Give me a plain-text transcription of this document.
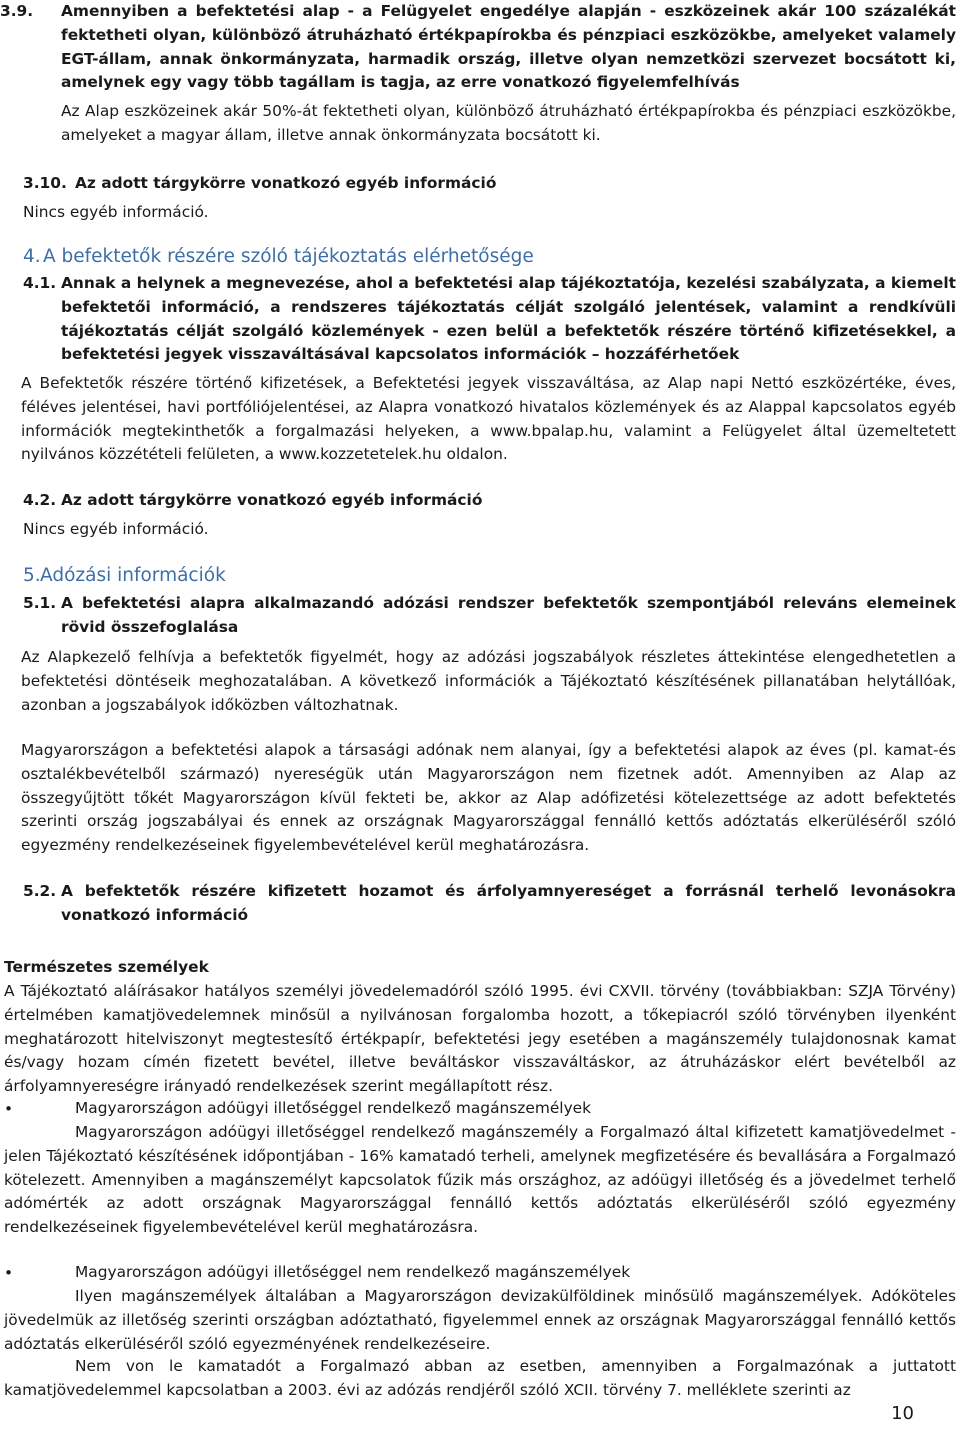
3.9. Amennyiben a befektetési alap - a Felügyelet engedélye alapján - eszközeinek akár 100 százalékát fektetheti olyan, különböző átruházható értékpapírokba és pénzpiaci eszközökbe, amelyeket valamely EGT-állam, annak önkormányzata, harmadik ország, illetve olyan nemzetközi szervezet bocsátott ki, amelynek egy vagy több tagállam is tagja, az erre vonatkozó figyelemfelhívás
Az Alap eszközeinek akár 50%-át fektetheti olyan, különböző átruházható értékpapírokba és pénzpiaci eszközökbe, amelyeket a magyar állam, illetve annak önkormányzata bocsátott ki.
3.10. Az adott tárgykörre vonatkozó egyéb információ
Nincs egyéb információ.
4. A befektetők részére szóló tájékoztatás elérhetősége
4.1. Annak a helynek a megnevezése, ahol a befektetési alap tájékoztatója, kezelési szabályzata, a kiemelt befektetői információ, a rendszeres tájékoztatás célját szolgáló jelentések, valamint a rendkívüli tájékoztatás célját szolgáló közlemények - ezen belül a befektetők részére történő kifizetésekkel, a befektetési jegyek visszaváltásával kapcsolatos információk – hozzáférhetőek
A Befektetők részére történő kifizetések, a Befektetési jegyek visszaváltása, az Alap napi Nettó eszközértéke, éves, féléves jelentései, havi portfóliójelentései, az Alapra vonatkozó hivatalos közlemények és az Alappal kapcsolatos egyéb információk megtekinthetők a forgalmazási helyeken, a www.bpalap.hu, valamint a Felügyelet által üzemeltetett nyilvános közzétételi felületen, a www.kozzetetelek.hu oldalon.
4.2. Az adott tárgykörre vonatkozó egyéb információ
Nincs egyéb információ.
5. Adózási információk
5.1. A befektetési alapra alkalmazandó adózási rendszer befektetők szempontjából releváns elemeinek rövid összefoglalása
Az Alapkezelő felhívja a befektetők figyelmét, hogy az adózási jogszabályok részletes áttekintése elengedhetetlen a befektetési döntéseik meghozatalában. A következő információk a Tájékoztató készítésének pillanatában helytállóak, azonban a jogszabályok időközben változhatnak.
Magyarországon a befektetési alapok a társasági adónak nem alanyai, így a befektetési alapok az éves (pl. kamat-és osztalékbevételből származó) nyereségük után Magyarországon nem fizetnek adót. Amennyiben az Alap az összegyűjtött tőkét Magyarországon kívül fekteti be, akkor az Alap adófizetési kötelezettsége az adott befektetés szerinti ország jogszabályai és ennek az országnak Magyarországgal fennálló kettős adóztatás elkerüléséről szóló egyezmény rendelkezéseinek figyelembevételével kerül meghatározásra.
5.2. A befektetők részére kifizetett hozamot és árfolyamnyereséget a forrásnál terhelő levonásokra vonatkozó információ
Természetes személyek
A Tájékoztató aláírásakor hatályos személyi jövedelemadóról szóló 1995. évi CXVII. törvény (továbbiakban: SZJA Törvény) értelmében kamatjövedelemnek minősül a nyilvánosan forgalomba hozott, a tőkepiacról szóló törvényben ilyenként meghatározott hitelviszonyt megtestesítő értékpapír, befektetési jegy esetében a magánszemély tulajdonosnak kamat és/vagy hozam címén fizetett bevétel, illetve beváltáskor visszaváltáskor, az átruházáskor elért bevételből az árfolyamnyereségre irányadó rendelkezések szerint megállapított rész.
•	Magyarországon adóügyi illetőséggel rendelkező magánszemélyek
Magyarországon adóügyi illetőséggel rendelkező magánszemély a Forgalmazó által kifizetett kamatjövedelmet - jelen Tájékoztató készítésének időpontjában - 16% kamatadó terheli, amelynek megfizetésére és bevallására a Forgalmazó kötelezett. Amennyiben a magánszemélyt kapcsolatok fűzik más országhoz, az adóügyi illetőség és a jövedelmet terhelő adómérték az adott országnak Magyarországgal fennálló kettős adóztatás elkerüléséről szóló egyezmény rendelkezéseinek figyelembevételével kerül meghatározásra.
•	Magyarországon adóügyi illetőséggel nem rendelkező magánszemélyek
Ilyen magánszemélyek általában a Magyarországon devizakülföldinek minősülő magánszemélyek. Adóköteles jövedelmük az illetőség szerinti országban adóztatható, figyelemmel ennek az országnak Magyarországgal fennálló kettős adóztatás elkerüléséről szóló egyezményének rendelkezéseire.
Nem von le kamatadót a Forgalmazó abban az esetben, amennyiben a Forgalmazónak a juttatott kamatjövedelemmel kapcsolatban a 2003. évi az adózás rendjéről szóló XCII. törvény 7. melléklete szerinti az
10
